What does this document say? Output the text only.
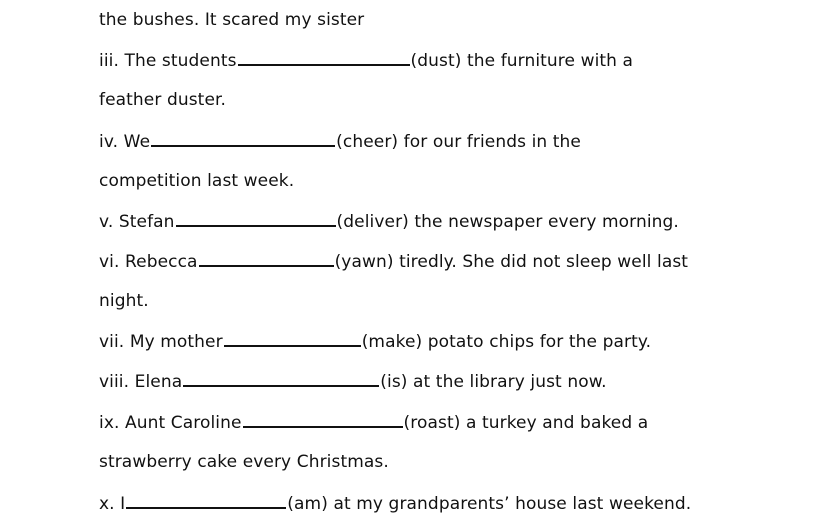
the bushes. It scared my sister
iii. The students	(dust) the furniture with a
feather duster.
iv. We	(cheer) for our friends in the
competition last week.
v. Stefan	(deliver) the newspaper every morning.
vi. Rebecca	(yawn) tiredly. She did not sleep well last
night.
vii. My mother	(make) potato chips for the party.
viii. Elena	(is) at the library just now.
ix. Aunt Caroline	(roast) a turkey and baked a
strawberry cake every Christmas.
x. I	(am) at my grandparents’ house last weekend.
